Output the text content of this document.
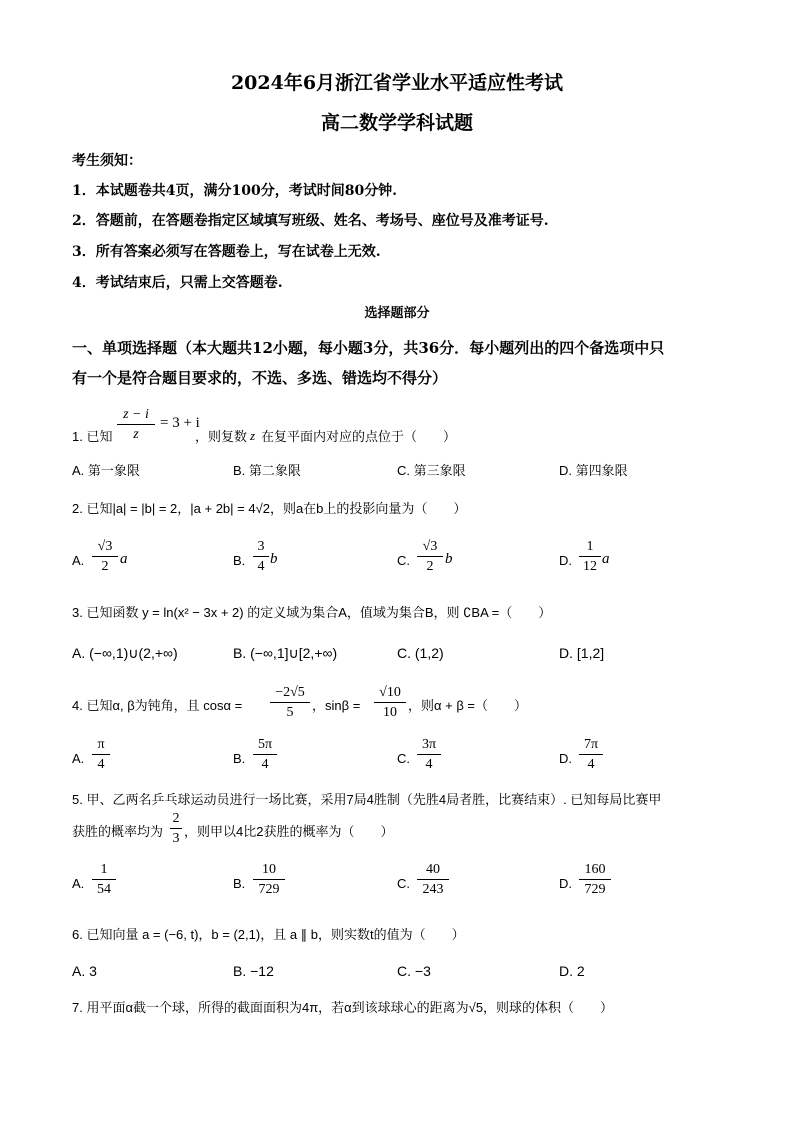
2024年6月浙江省学业水平适应性考试
高二数学学科试题
考生须知：
1．本试题卷共4页，满分100分，考试时间80分钟.
2．答题前，在答题卷指定区域填写班级、姓名、考场号、座位号及准考证号.
3．所有答案必须写在答题卷上，写在试卷上无效.
4．考试结束后，只需上交答题卷.
选择题部分
一、单项选择题（本大题共12小题，每小题3分，共36分．每小题列出的四个备选项中只
有一个是符合题目要求的，不选、多选、错选均不得分）
$\frac{z - i}{z} = 3 + i$
1. 已知	，则复数 z 在复平面内对应的点位于（　　）
A. 第一象限	B. 第二象限	C. 第三象限	D. 第四象限
2. 已知|a| = |b| = 2，|a + 2b| = 4√2，则a在b上的投影向量为（　　）
A. $\frac{√3}{2}$ a	B. $\frac{3}{4}$ b	C. $\frac{√3}{2}$ b	D. $\frac{1}{12}$ a
3. 已知函数 y = ln(x² − 3x + 2) 的定义域为集合A，值域为集合B，则 ∁BA =（　　）
A. (−∞,1)∪(2,+∞)	B. (−∞,1]∪[2,+∞)	C. (1,2)	D. [1,2]
4. 已知α, β为钝角，且 $\cos\alpha = \frac{-2√5}{5}$ ，$\sin\beta = \frac{√10}{10}$ ，则α + β =（　　）
A. $\frac{\pi}{4}$	B. $\frac{5\pi}{4}$	C. $\frac{3\pi}{4}$	D. $\frac{7\pi}{4}$
5. 甲、乙两名乒乓球运动员进行一场比赛，采用7局4胜制（先胜4局者胜，比赛结束）. 已知每局比赛甲
获胜的概率均为 $\frac{2}{3}$ ，则甲以4比2获胜的概率为（　　）
A. $\frac{1}{54}$	B. $\frac{10}{729}$	C. $\frac{40}{243}$	D. $\frac{160}{729}$
6. 已知向量 a = (−6, t)，b = (2,1)，且 a ∥ b，则实数t的值为（　　）
A. 3	B. −12	C. −3	D. 2
7. 用平面α截一个球，所得的截面面积为4π，若α到该球球心的距离为√5，则球的体积（　　）
